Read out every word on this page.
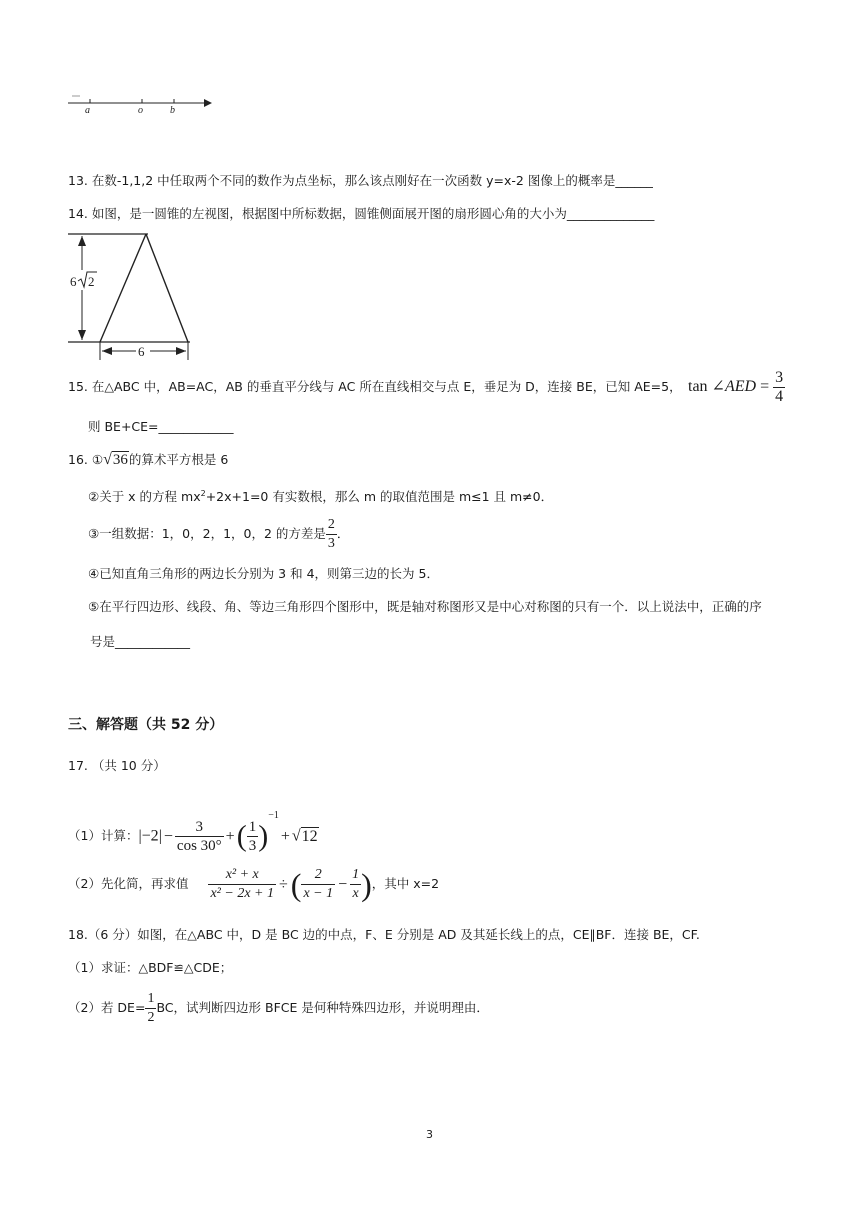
a	o	b
13. 在数-1,1,2 中任取两个不同的数作为点坐标，那么该点刚好在一次函数 y=x-2 图像上的概率是______
14. 如图，是一圆锥的左视图，根据图中所标数据，圆锥侧面展开图的扇形圆心角的大小为______________
6 2
6
15. 在△ABC 中，AB=AC，AB 的垂直平分线与 AC 所在直线相交与点 E，垂足为 D，连接 BE，已知 AE=5， tan ∠AED = $\frac{3}{4}$
则 BE+CE=____________
16. ①√36的算术平方根是 6
②关于 x 的方程 $mx^2+2x+1=0$ 有实数根，那么 m 的取值范围是 m≤1 且 m≠0．
③一组数据：1，0，2，1，0，2 的方差是 $\frac{2}{3}$ ．
④已知直角三角形的两边长分别为 3 和 4，则第三边的长为 5．
⑤在平行四边形、线段、角、等边三角形四个图形中，既是轴对称图形又是中心对称图的只有一个．以上说法中，正确的序
号是____________
三、解答题（共 52 分）
17. （共 10 分）
（1）计算：$|-2| - \frac{3}{\cos 30^\circ}$ +( $\frac{1}{3} )^{-1}+ √12$
（2）先化简，再求值 $\frac{\text{x² + x}}{\text{x² − 2x + 1}}$ ÷( $\frac{2}{x - 1} - \frac{1}{x}$ )，其中 x=2
18.（6 分）如图，在△ABC 中，D 是 BC 边的中点，F、E 分别是 AD 及其延长线上的点，CE∥BF．连接 BE，CF.
（1）求证：△BDF≌△CDE；
（2）若 $DE= \frac{1}{2}$ BC，试判断四边形 BFCE 是何种特殊四边形，并说明理由．
3
